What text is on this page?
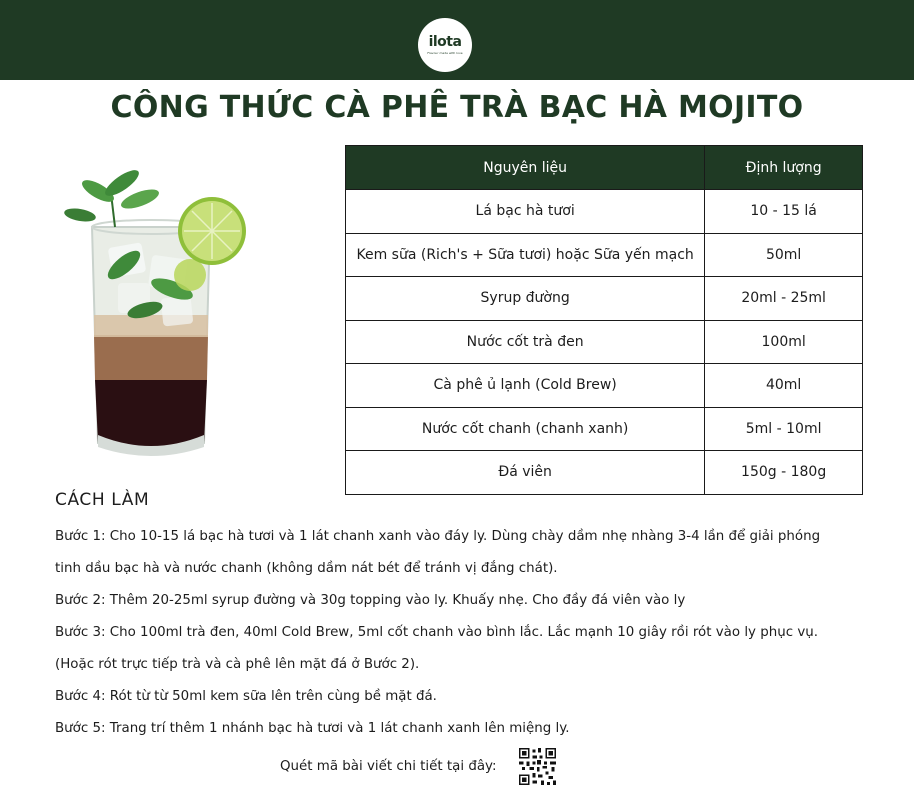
ilota
Flavour made with love
CÔNG THỨC CÀ PHÊ TRÀ BẠC HÀ MOJITO
Nguyên liệu	Định lượng
Lá bạc hà tươi	10 - 15 lá
Kem sữa (Rich's + Sữa tươi) hoặc Sữa yến mạch	50ml
Syrup đường	20ml - 25ml
Nước cốt trà đen	100ml
Cà phê ủ lạnh (Cold Brew)	40ml
Nước cốt chanh (chanh xanh)	5ml - 10ml
Đá viên	150g - 180g
CÁCH LÀM
Bước 1: Cho 10-15 lá bạc hà tươi và 1 lát chanh xanh vào đáy ly. Dùng chày dầm nhẹ nhàng 3-4 lần để giải phóng
tinh dầu bạc hà và nước chanh (không dầm nát bét để tránh vị đắng chát).
Bước 2: Thêm 20-25ml syrup đường và 30g topping vào ly. Khuấy nhẹ. Cho đầy đá viên vào ly
Bước 3: Cho 100ml trà đen, 40ml Cold Brew, 5ml cốt chanh vào bình lắc. Lắc mạnh 10 giây rồi rót vào ly phục vụ.
(Hoặc rót trực tiếp trà và cà phê lên mặt đá ở Bước 2).
Bước 4: Rót từ từ 50ml kem sữa lên trên cùng bề mặt đá.
Bước 5: Trang trí thêm 1 nhánh bạc hà tươi và 1 lát chanh xanh lên miệng ly.
Quét mã bài viết chi tiết tại đây:
